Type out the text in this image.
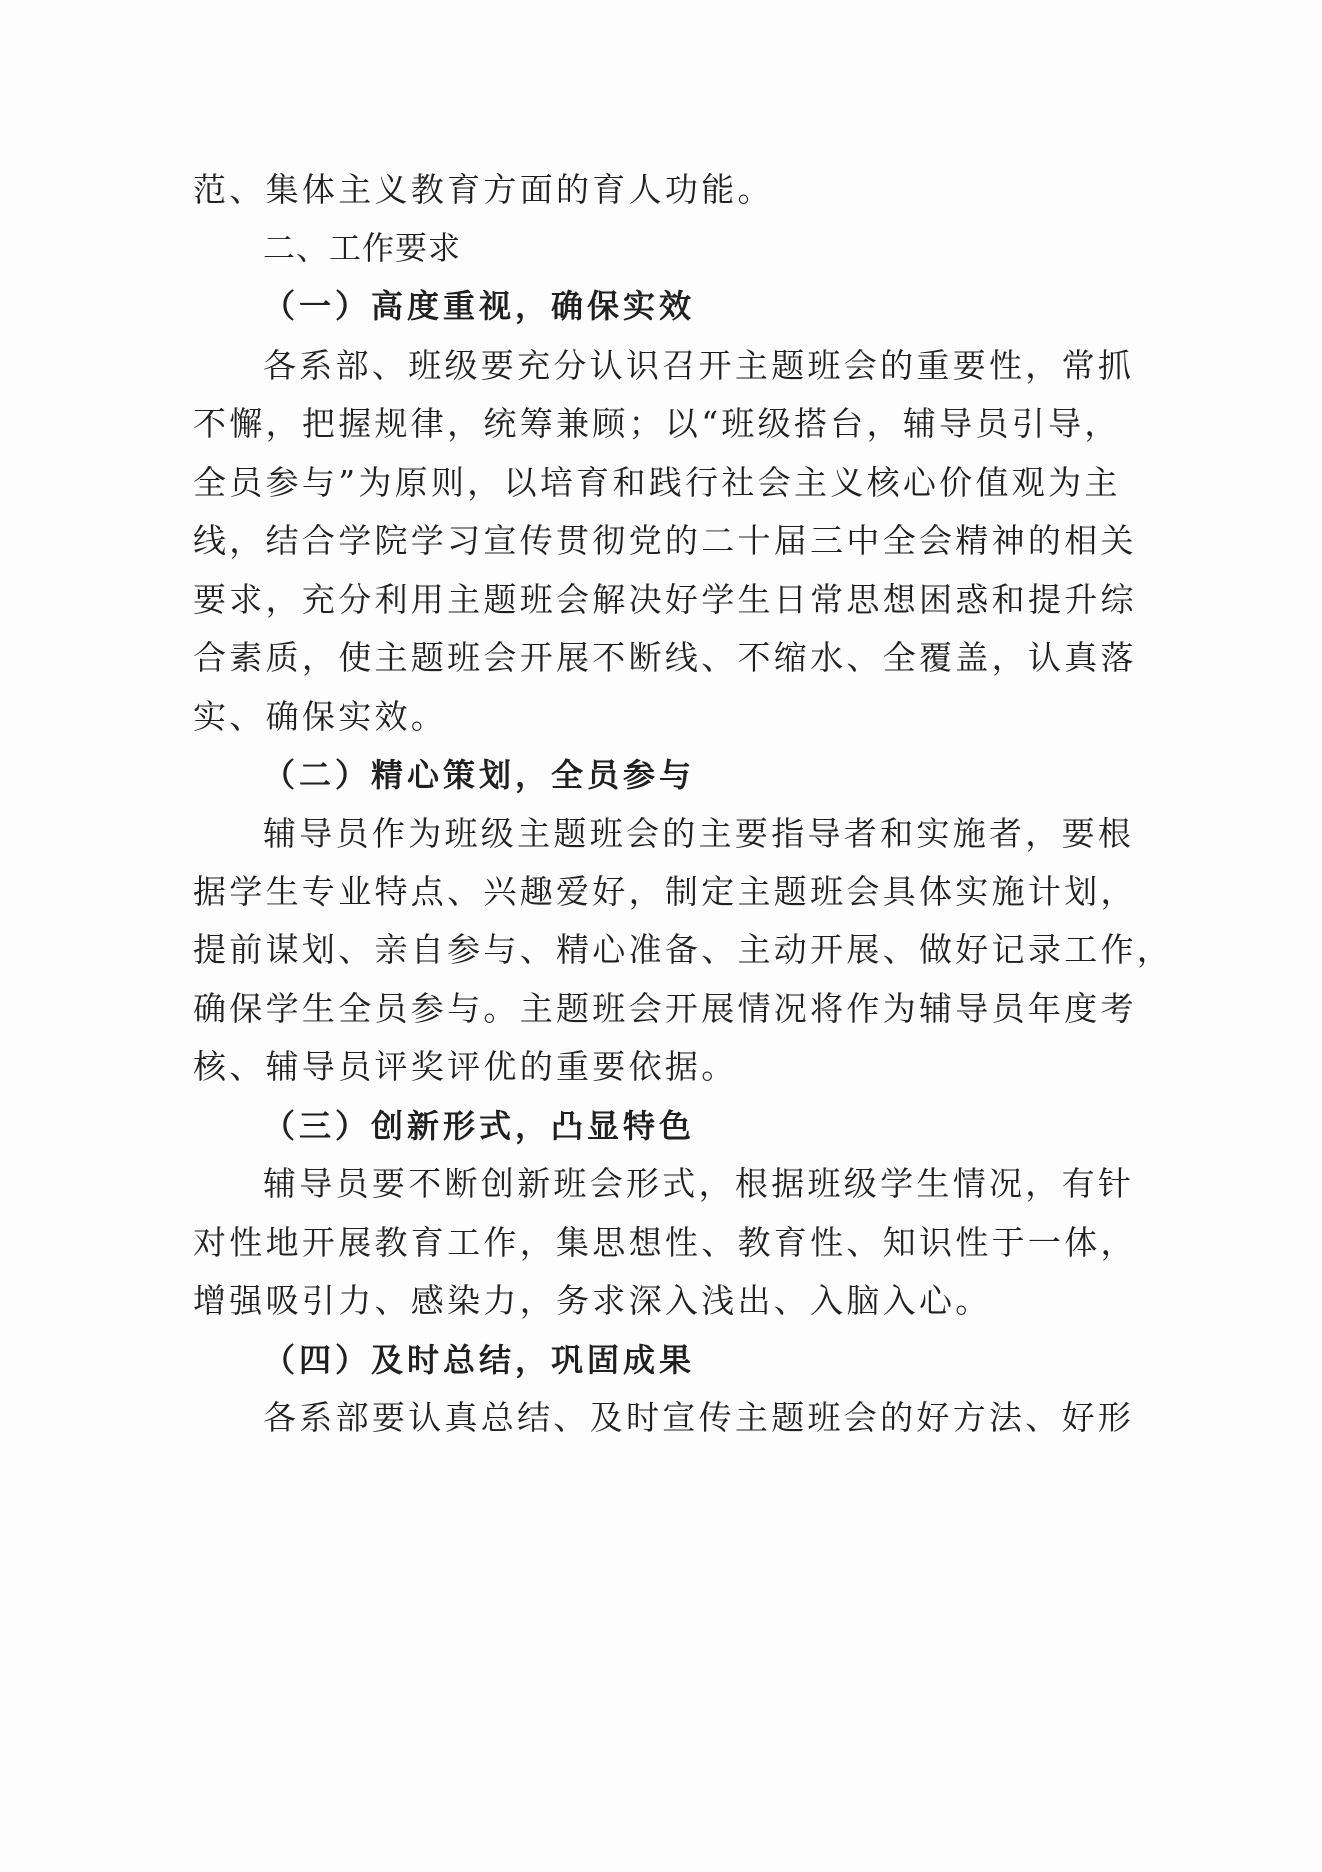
范、集体主义教育方面的育人功能。
二、工作要求
（一）高度重视，确保实效
各系部、班级要充分认识召开主题班会的重要性，常抓
不懈，把握规律，统筹兼顾；以“班级搭台，辅导员引导，
全员参与”为原则，以培育和践行社会主义核心价值观为主
线，结合学院学习宣传贯彻党的二十届三中全会精神的相关
要求，充分利用主题班会解决好学生日常思想困惑和提升综
合素质，使主题班会开展不断线、不缩水、全覆盖，认真落
实、确保实效。
（二）精心策划，全员参与
辅导员作为班级主题班会的主要指导者和实施者，要根
据学生专业特点、兴趣爱好，制定主题班会具体实施计划，
提前谋划、亲自参与、精心准备、主动开展、做好记录工作，
确保学生全员参与。主题班会开展情况将作为辅导员年度考
核、辅导员评奖评优的重要依据。
（三）创新形式，凸显特色
辅导员要不断创新班会形式，根据班级学生情况，有针
对性地开展教育工作，集思想性、教育性、知识性于一体，
增强吸引力、感染力，务求深入浅出、入脑入心。
（四）及时总结，巩固成果
各系部要认真总结、及时宣传主题班会的好方法、好形
